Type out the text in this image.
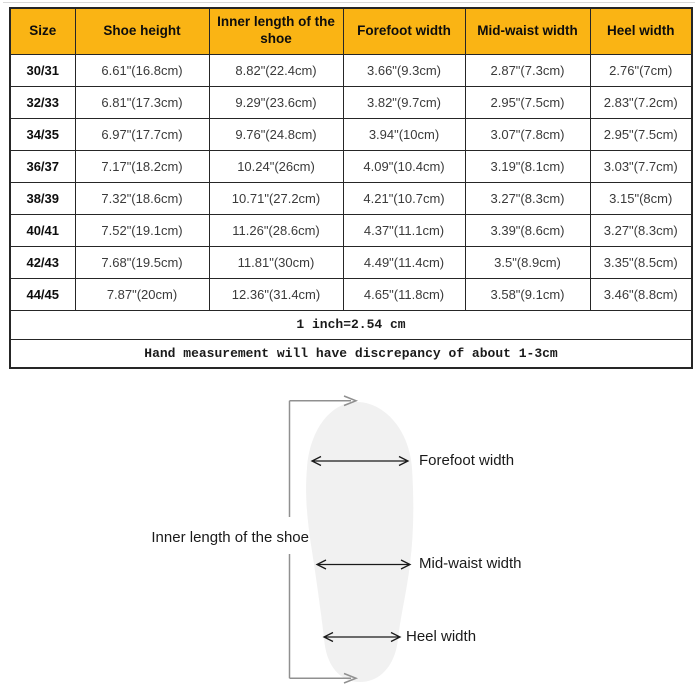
Size	Shoe height	Inner length of the shoe	Forefoot width	Mid-waist width	Heel width
30/31	6.61"(16.8cm)	8.82"(22.4cm)	3.66"(9.3cm)	2.87"(7.3cm)	2.76"(7cm)
32/33	6.81"(17.3cm)	9.29"(23.6cm)	3.82"(9.7cm)	2.95"(7.5cm)	2.83"(7.2cm)
34/35	6.97"(17.7cm)	9.76"(24.8cm)	3.94"(10cm)	3.07"(7.8cm)	2.95"(7.5cm)
36/37	7.17"(18.2cm)	10.24"(26cm)	4.09"(10.4cm)	3.19"(8.1cm)	3.03"(7.7cm)
38/39	7.32"(18.6cm)	10.71"(27.2cm)	4.21"(10.7cm)	3.27"(8.3cm)	3.15"(8cm)
40/41	7.52"(19.1cm)	11.26"(28.6cm)	4.37"(11.1cm)	3.39"(8.6cm)	3.27"(8.3cm)
42/43	7.68"(19.5cm)	11.81"(30cm)	4.49"(11.4cm)	3.5"(8.9cm)	3.35"(8.5cm)
44/45	7.87"(20cm)	12.36"(31.4cm)	4.65"(11.8cm)	3.58"(9.1cm)	3.46"(8.8cm)
1 inch=2.54 cm					
Hand measurement will have discrepancy of about 1-3cm					
Forefoot width
Mid-waist width
Heel width
Inner length of the shoe
